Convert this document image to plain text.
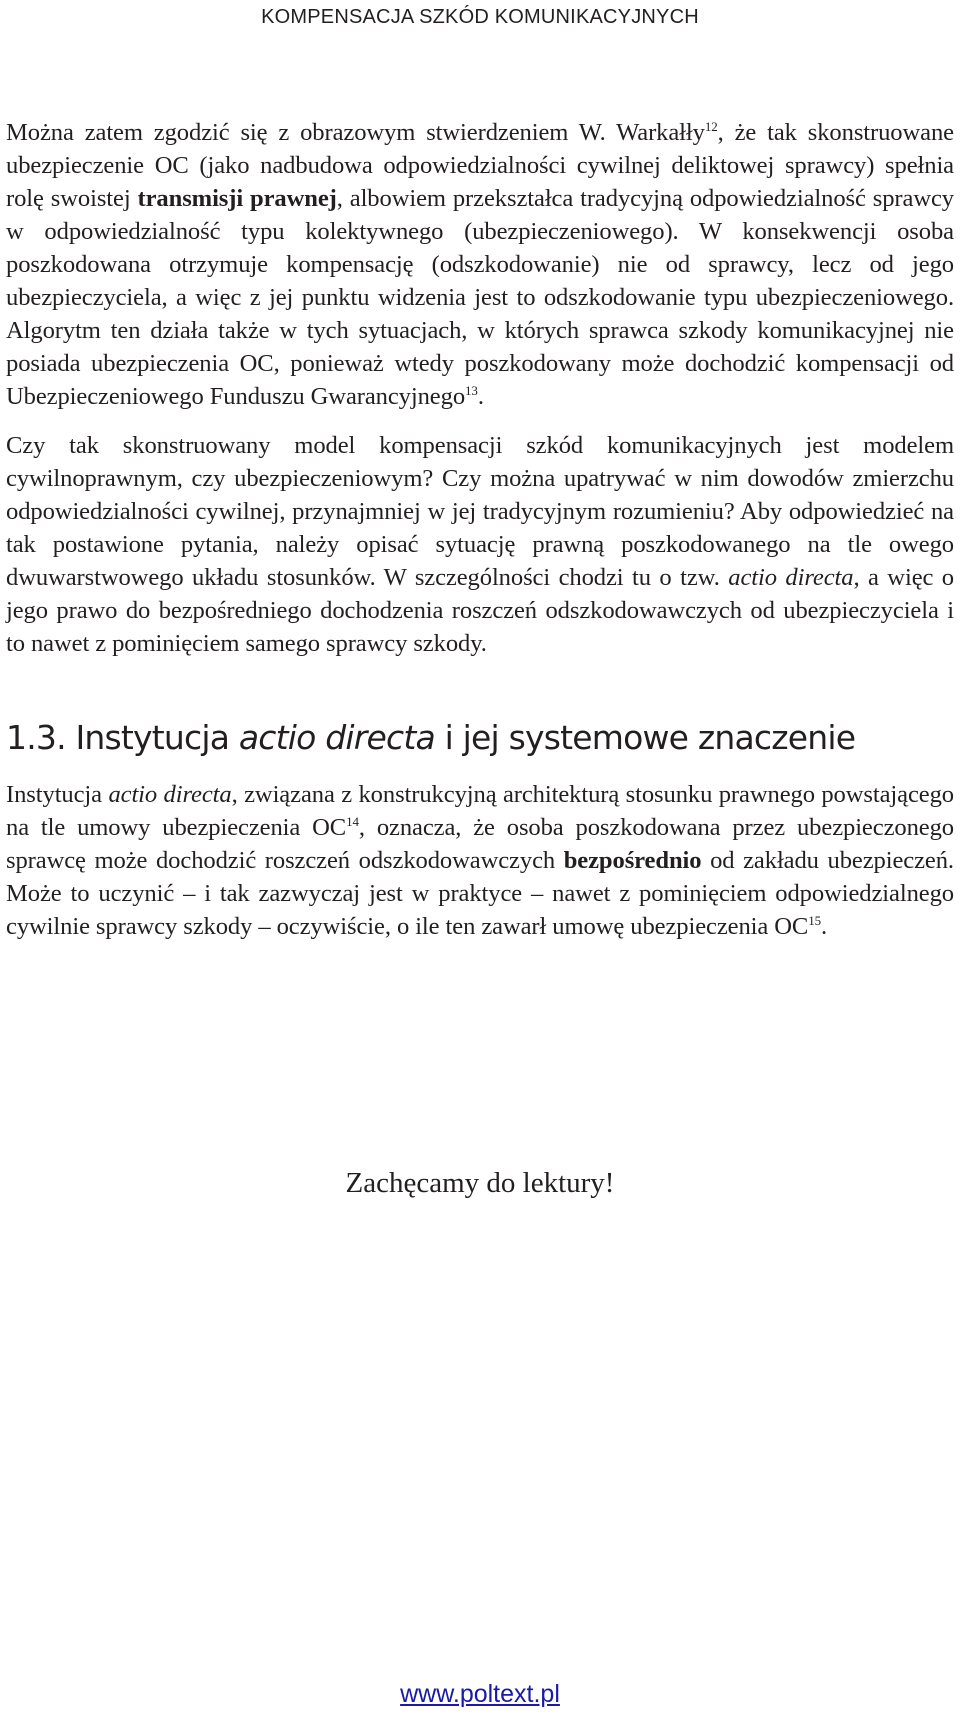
KOMPENSACJA SZKÓD KOMUNIKACYJNYCH

Można zatem zgodzić się z obrazowym stwierdzeniem W. Warkałły$^{12}$, że tak skonstruowane ubezpieczenie OC (jako nadbudowa odpowiedzialności cywilnej deliktowej sprawcy) spełnia rolę swoistej transmisji prawnej, albowiem przekształca tradycyjną odpowiedzialność sprawcy w odpowiedzialność typu kolektywnego (ubezpieczeniowego). W konsekwencji osoba poszkodowana otrzymuje kompensację (odszkodowanie) nie od sprawcy, lecz od jego ubezpieczyciela, a więc z jej punktu widzenia jest to odszkodowanie typu ubezpieczeniowego. Algorytm ten działa także w tych sytuacjach, w których sprawca szkody komunikacyjnej nie posiada ubezpieczenia OC, ponieważ wtedy poszkodowany może dochodzić kompensacji od Ubezpieczeniowego Funduszu Gwarancyjnego$^{13}$.

Czy tak skonstruowany model kompensacji szkód komunikacyjnych jest modelem cywilnoprawnym, czy ubezpieczeniowym? Czy można upatrywać w nim dowodów zmierzchu odpowiedzialności cywilnej, przynajmniej w jej tradycyjnym rozumieniu? Aby odpowiedzieć na tak postawione pytania, należy opisać sytuację prawną poszkodowanego na tle owego dwuwarstwowego układu stosunków. W szczególności chodzi tu o tzw. actio directa, a więc o jego prawo do bezpośredniego dochodzenia roszczeń odszkodowawczych od ubezpieczyciela i to nawet z pominięciem samego sprawcy szkody.

1.3. Instytucja actio directa i jej systemowe znaczenie

Instytucja actio directa, związana z konstrukcyjną architekturą stosunku prawnego powstającego na tle umowy ubezpieczenia OC$^{14}$, oznacza, że osoba poszkodowana przez ubezpieczonego sprawcę może dochodzić roszczeń odszkodowawczych bezpośrednio od zakładu ubezpieczeń. Może to uczynić – i tak zazwyczaj jest w praktyce – nawet z pominięciem odpowiedzialnego cywilnie sprawcy szkody – oczywiście, o ile ten zawarł umowę ubezpieczenia OC$^{15}$.

Zachęcamy do lektury!
www.poltext.pl
